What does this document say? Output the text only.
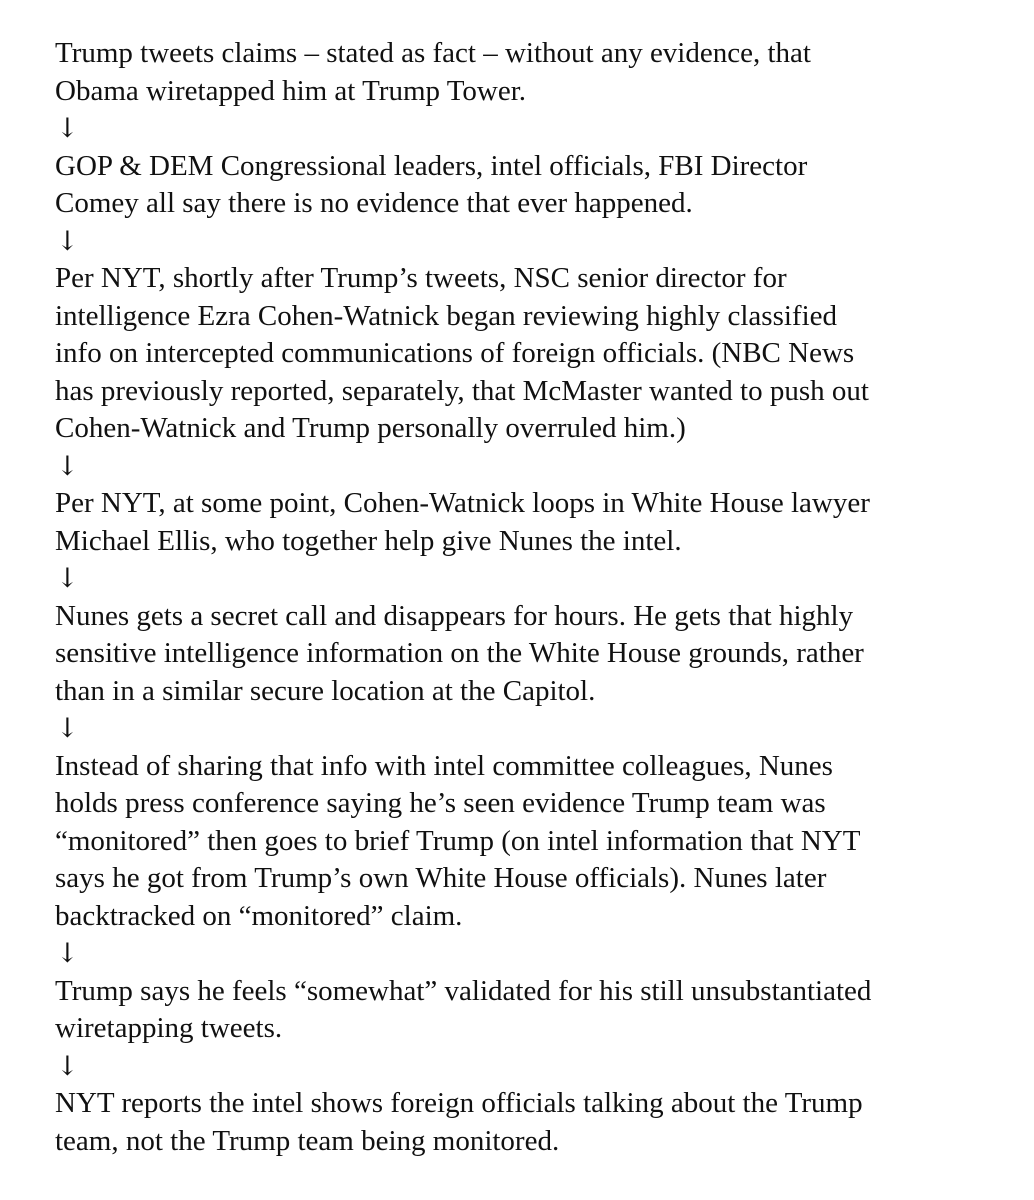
Trump tweets claims – stated as fact – without any evidence, that
Obama wiretapped him at Trump Tower.
↓
GOP & DEM Congressional leaders, intel officials, FBI Director
Comey all say there is no evidence that ever happened.
↓
Per NYT, shortly after Trump’s tweets, NSC senior director for
intelligence Ezra Cohen-Watnick began reviewing highly classified
info on intercepted communications of foreign officials. (NBC News
has previously reported, separately, that McMaster wanted to push out
Cohen-Watnick and Trump personally overruled him.)
↓
Per NYT, at some point, Cohen-Watnick loops in White House lawyer
Michael Ellis, who together help give Nunes the intel.
↓
Nunes gets a secret call and disappears for hours. He gets that highly
sensitive intelligence information on the White House grounds, rather
than in a similar secure location at the Capitol.
↓
Instead of sharing that info with intel committee colleagues, Nunes
holds press conference saying he’s seen evidence Trump team was
“monitored” then goes to brief Trump (on intel information that NYT
says he got from Trump’s own White House officials). Nunes later
backtracked on “monitored” claim.
↓
Trump says he feels “somewhat” validated for his still unsubstantiated
wiretapping tweets.
↓
NYT reports the intel shows foreign officials talking about the Trump
team, not the Trump team being monitored.
